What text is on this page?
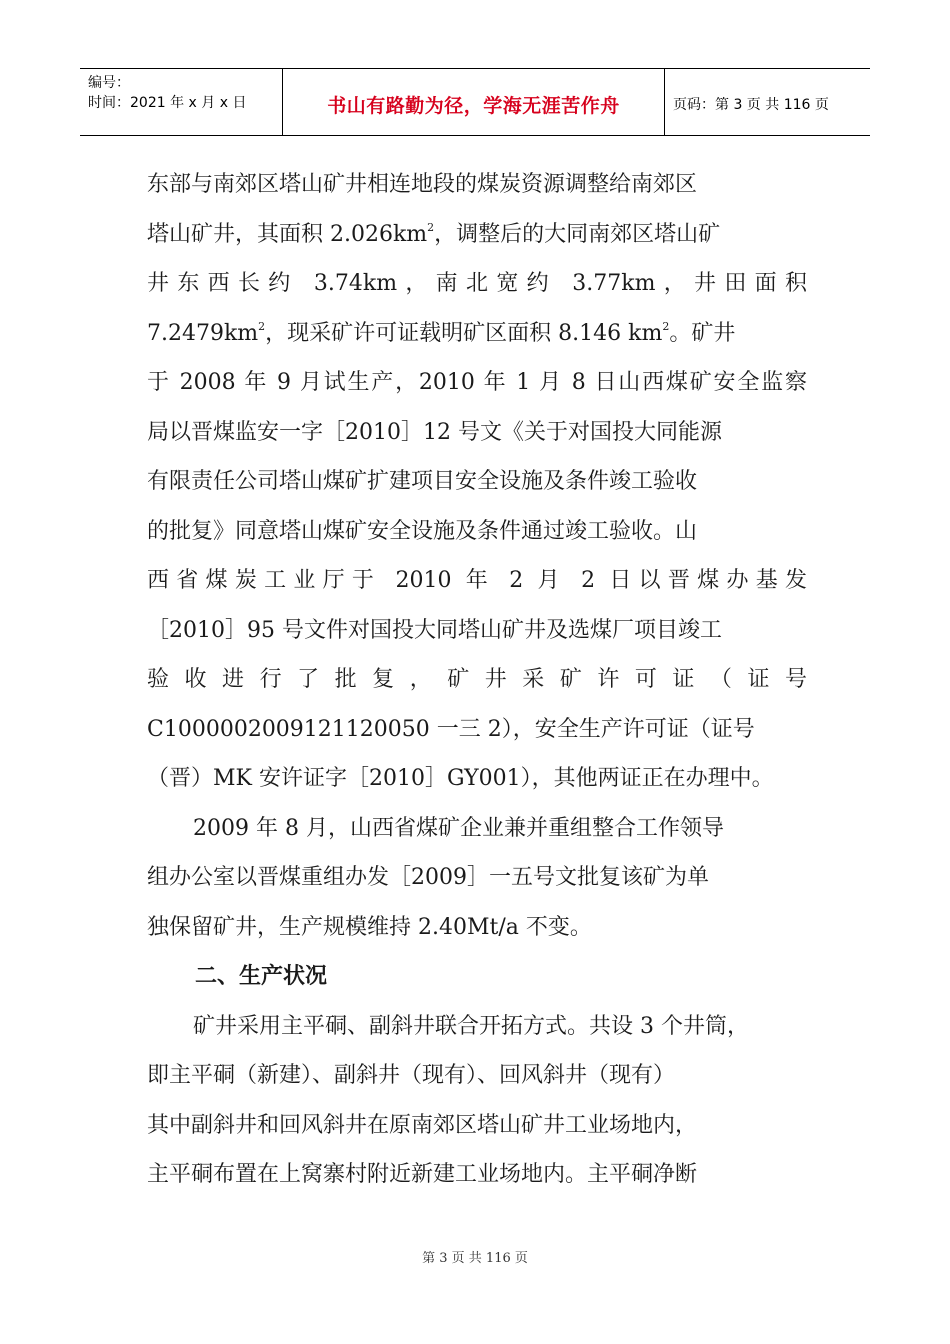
编号：
时间：2021 年 x 月 x 日	书山有路勤为径，学海无涯苦作舟	页码：第 3 页 共 116 页
东部与南郊区塔山矿井相连地段的煤炭资源调整给南郊区
塔山矿井，其面积 $2.026km^2$，调整后的大同南郊区塔山矿
井东西长约 3.74km，南北宽约 3.77km，井田面积
$7.2479km^2$，现采矿许可证载明矿区面积 8.146 $km^2$。矿井
于 2008 年 9 月试生产，2010 年 1 月 8 日山西煤矿安全监察
局以晋煤监安一字［2010］12 号文《关于对国投大同能源
有限责任公司塔山煤矿扩建项目安全设施及条件竣工验收
的批复》同意塔山煤矿安全设施及条件通过竣工验收。山
西省煤炭工业厅于 2010 年 2 月 2 日以晋煤办基发
［2010］95 号文件对国投大同塔山矿井及选煤厂项目竣工
验收进行了批复，矿井采矿许可证（证号
C1000002009121120050 一三 2），安全生产许可证（证号
（晋）MK 安许证字［2010］GY001），其他两证正在办理中。
2009 年 8 月，山西省煤矿企业兼并重组整合工作领导
组办公室以晋煤重组办发［2009］一五号文批复该矿为单
独保留矿井，生产规模维持 2.40Mt/a 不变。
二、生产状况
矿井采用主平硐、副斜井联合开拓方式。共设 3 个井筒，
即主平硐（新建）、副斜井（现有）、回风斜井（现有）
其中副斜井和回风斜井在原南郊区塔山矿井工业场地内，
主平硐布置在上窝寨村附近新建工业场地内。主平硐净断
第 3 页 共 116 页
